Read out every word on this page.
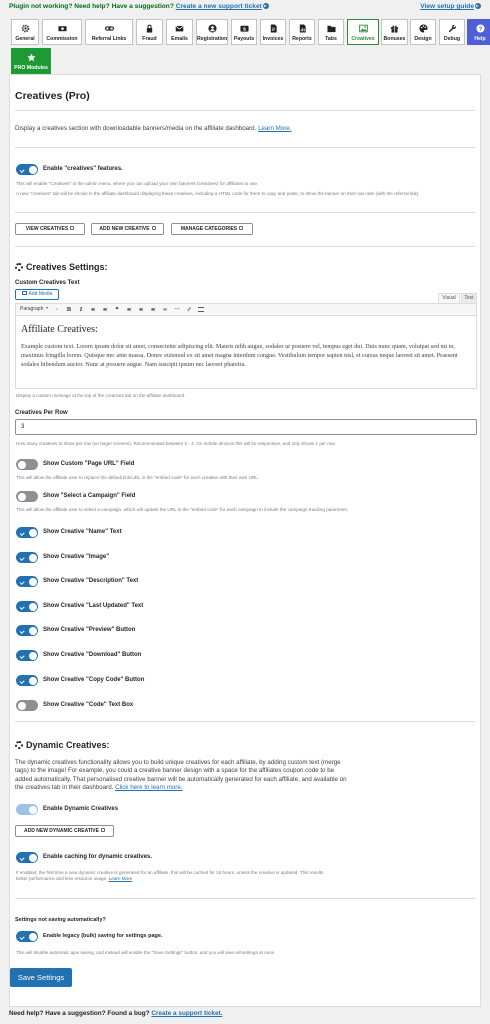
Plugin not working? Need help? Have a suggestion? Create a new support ticket	View setup guide
General	Commission	Referral Links	Fraud	Emails	Registration
$
Payouts	Invoices	Reports	Tabs	Creatives	Bonuses	Design	Debug
?
Help
PRO Modules
Creatives (Pro)
Display a creatives section with downloadable banners/media on the affiliate dashboard. Learn More.
Enable "creatives" features.
This will enable "Creatives" in the admin menu, where you can upload your own banners (creatives) for affiliates to use.
A new "creatives" tab will be shown in the affiliate dashboard displaying these creatives, including a HTML code for them to copy and paste, to show the banner on their own site (with the referral link).
VIEW CREATIVES	ADD NEW CREATIVE	MANAGE CATEGORIES
Creatives Settings:
Custom Creatives Text
Add Media
Visual	Text
Paragraph	⋅	B	I	≡ ≡ ❝ ≡ ≡ ≡ ∞ ⋯ ⤢
Affiliate Creatives:
Example custom text. Lorem ipsum dolor sit amet, consectetur adipiscing elit. Mauris nibh augue, sodales ut posuere vel, tempus eget dui. Duis nunc quam, volutpat sed mi in, maximus fringilla lorem. Quisque nec ante massa. Donec euismod ex sit amet magna interdum congue. Vestibulum tempor sapien nisl, et cursus neque laoreet sit amet. Praesent sodales bibendum auctor. Nunc at posuere augue. Nam suscipit ipsum nec laoreet pharetra.
Display a custom message at the top of the creatives tab on the affiliate dashboard.
Creatives Per Row
3
How many creatives to show per row (on larger screens). Recommended between 2 - 4. On mobile devices this will be responsive, and only shows 1 per row.
Show Custom "Page URL" Field
This will allow the affiliate user to replace the default link/URL in the "embed code" for each creative with their own URL.
Show "Select a Campaign" Field
This will allow the affiliate user to select a campaign, which will update the URL in the "embed code" for each campaign to include the campaign tracking parameter.
Show Creative "Name" Text
Show Creative "Image"
Show Creative "Description" Text
Show Creative "Last Updated" Text
Show Creative "Preview" Button
Show Creative "Download" Button
Show Creative "Copy Code" Button
Show Creative "Code" Text Box
Dynamic Creatives:
The dynamic creatives functionality allows you to build unique creatives for each affiliate, by adding custom text (merge tags) to the image! For example, you could a creative banner design with a space for the affiliates coupon code to be added automatically. That personalised creative banner will be automatically generated for each affiliate, and available on the creatives tab in their dashboard. Click here to learn more.
Enable Dynamic Creatives
ADD NEW DYNAMIC CREATIVE
Enable caching for dynamic creatives.
If enabled, the first time a new dynamic creative is generated for an affiliate, this will be cached for 24 hours, unless the creative is updated. This results better performance and less resource usage. Learn More
Settings not saving automatically?
Enable legacy (bulk) saving for settings page.
This will disable automatic ajax saving, and instead will enable the "Save Settings" button, and you will save all settings at once.
Save Settings
Need help? Have a suggestion? Found a bug? Create a support ticket.
